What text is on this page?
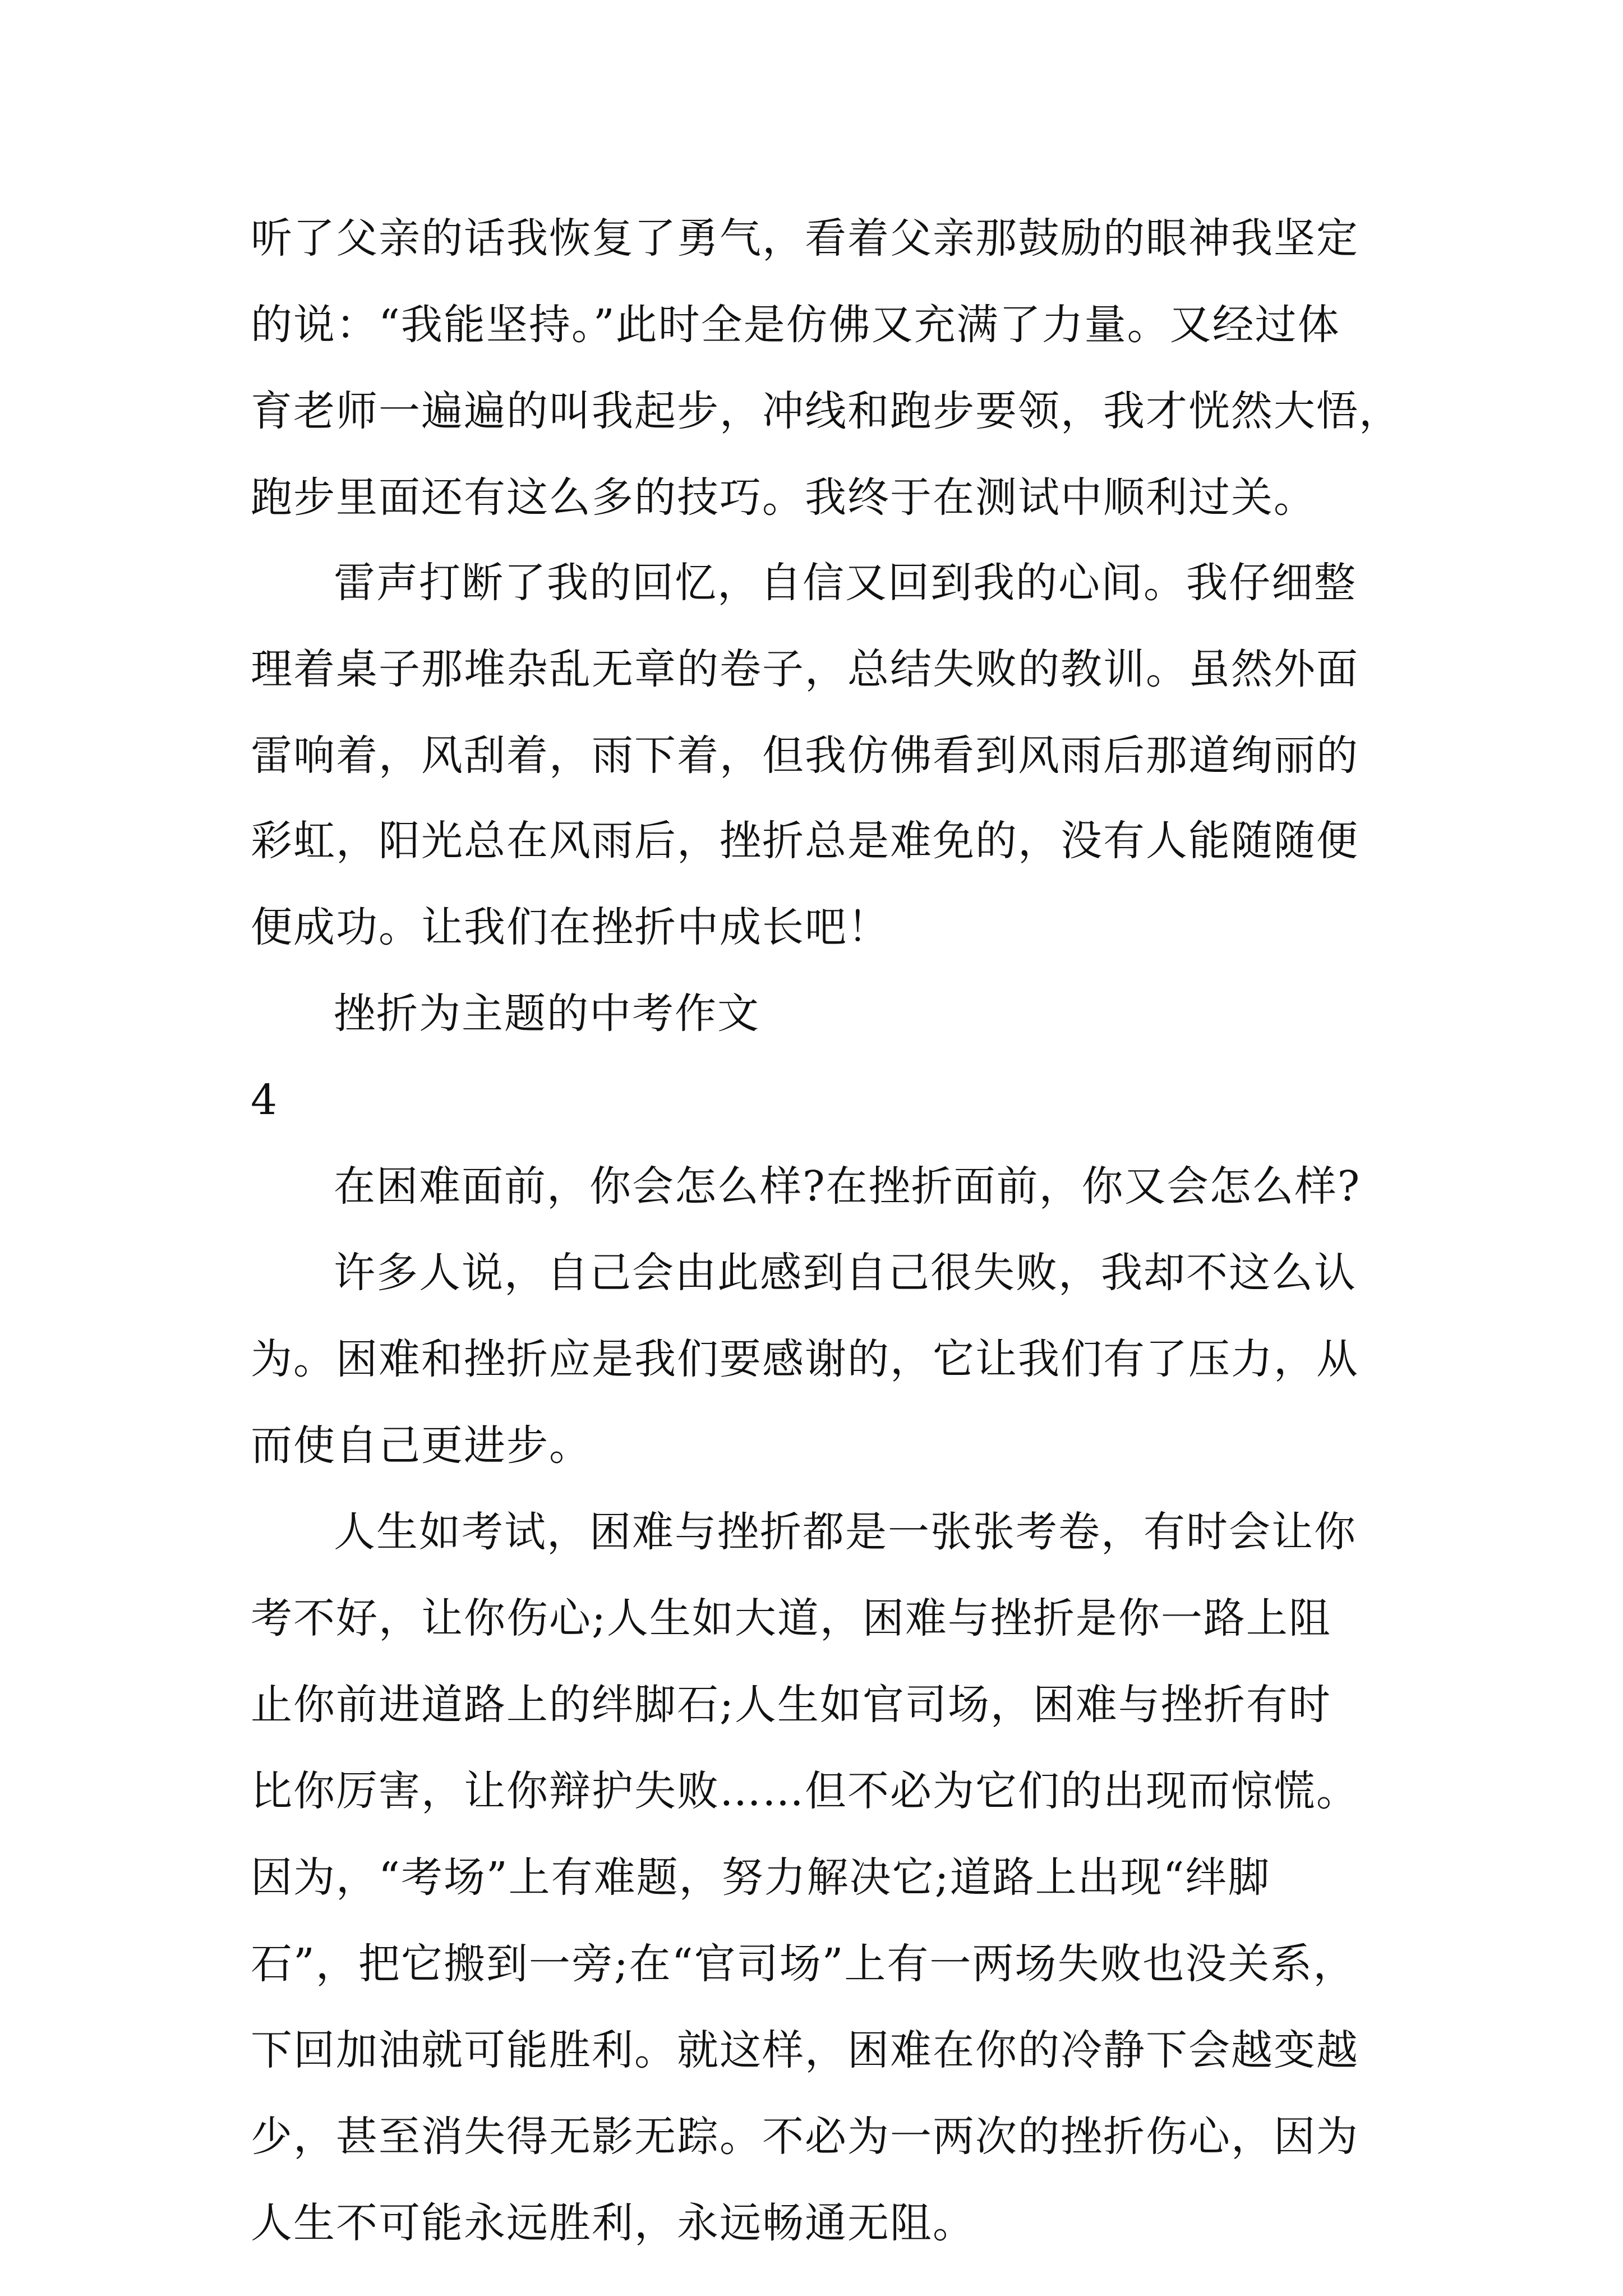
听了父亲的话我恢复了勇气，看着父亲那鼓励的眼神我坚定
的说：“我能坚持。”此时全是仿佛又充满了力量。又经过体
育老师一遍遍的叫我起步，冲线和跑步要领，我才恍然大悟，
跑步里面还有这么多的技巧。我终于在测试中顺利过关。
雷声打断了我的回忆，自信又回到我的心间。我仔细整
理着桌子那堆杂乱无章的卷子，总结失败的教训。虽然外面
雷响着，风刮着，雨下着，但我仿佛看到风雨后那道绚丽的
彩虹，阳光总在风雨后，挫折总是难免的，没有人能随随便
便成功。让我们在挫折中成长吧！
挫折为主题的中考作文
4
在困难面前，你会怎么样?在挫折面前，你又会怎么样?
许多人说，自己会由此感到自己很失败，我却不这么认
为。困难和挫折应是我们要感谢的，它让我们有了压力，从
而使自己更进步。
人生如考试，困难与挫折都是一张张考卷，有时会让你
考不好，让你伤心;人生如大道，困难与挫折是你一路上阻
止你前进道路上的绊脚石;人生如官司场，困难与挫折有时
比你厉害，让你辩护失败……但不必为它们的出现而惊慌。
因为，“考场”上有难题，努力解决它;道路上出现“绊脚
石”，把它搬到一旁;在“官司场”上有一两场失败也没关系，
下回加油就可能胜利。就这样，困难在你的冷静下会越变越
少，甚至消失得无影无踪。不必为一两次的挫折伤心，因为
人生不可能永远胜利，永远畅通无阻。
